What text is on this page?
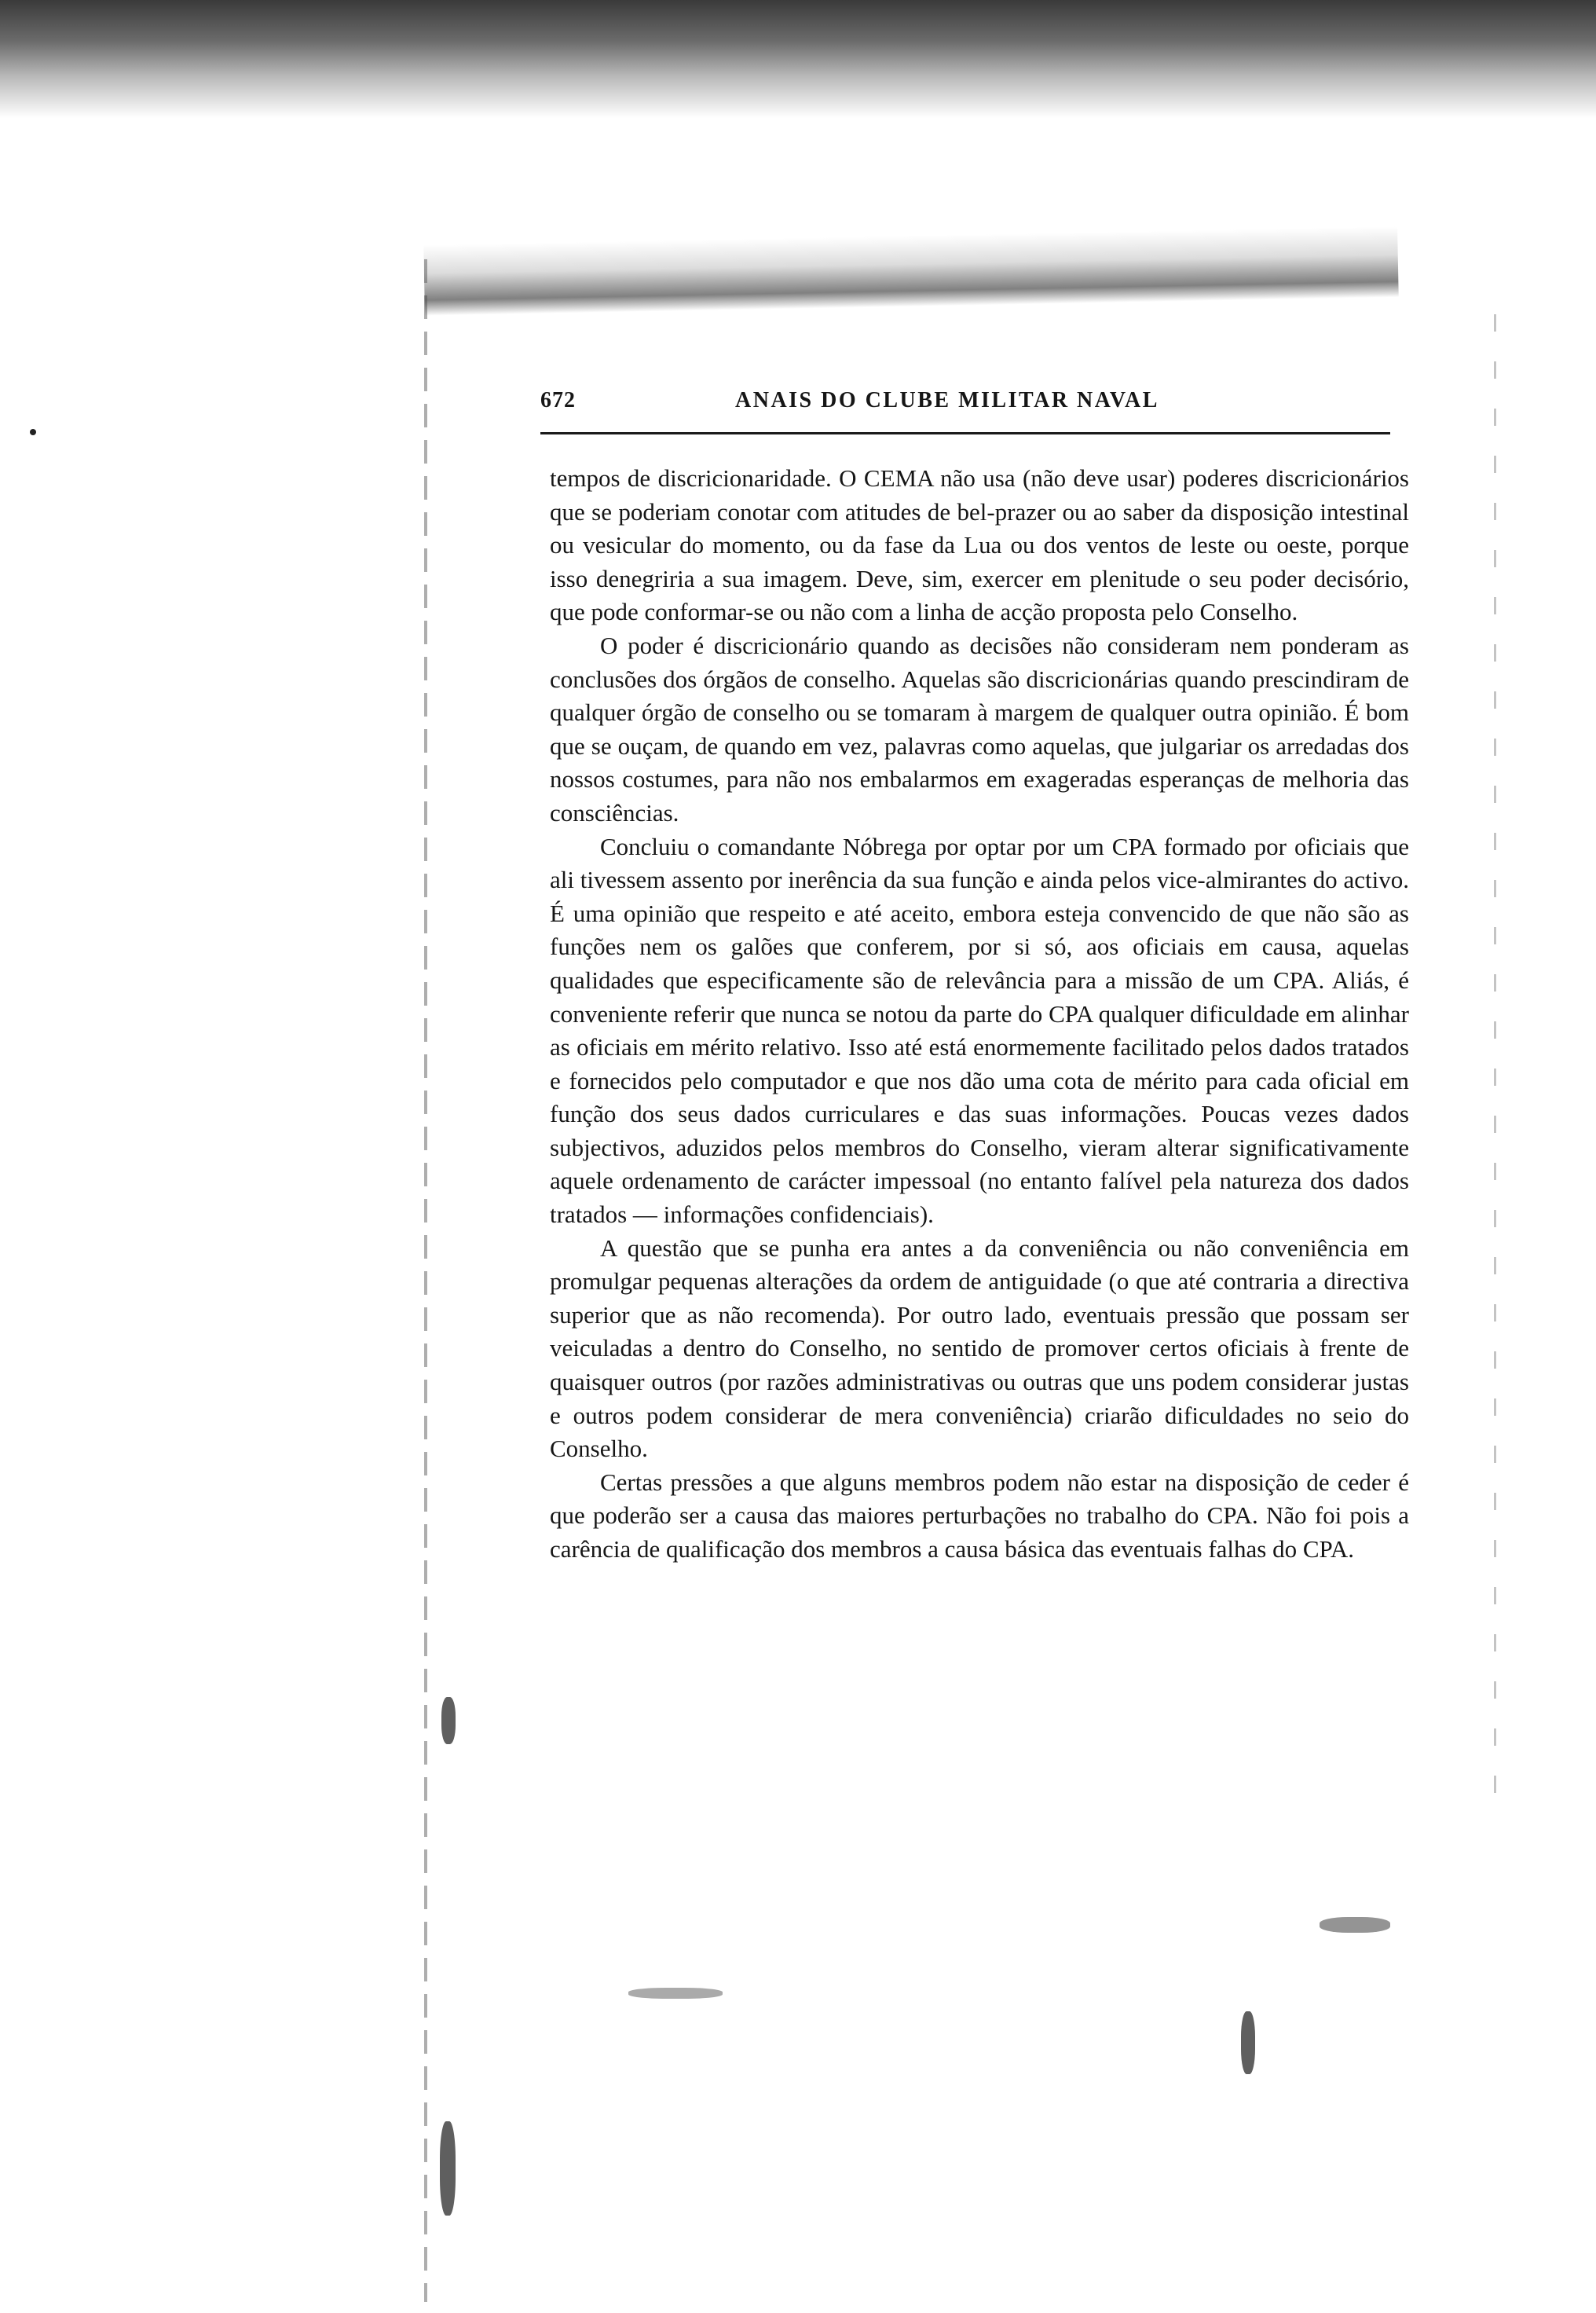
672	ANAIS DO CLUBE MILITAR NAVAL

tempos de discricionaridade. O CEMA não usa (não deve usar) poderes discricionários que se poderiam conotar com atitudes de bel-prazer ou ao saber da disposição intestinal ou vesicular do momento, ou da fase da Lua ou dos ventos de leste ou oeste, porque isso denegriria a sua imagem. Deve, sim, exercer em plenitude o seu poder decisório, que pode conformar-se ou não com a linha de acção proposta pelo Conselho.

O poder é discricionário quando as decisões não consideram nem ponderam as conclusões dos órgãos de conselho. Aquelas são discricionárias quando prescindiram de qualquer órgão de conselho ou se tomaram à margem de qualquer outra opinião. É bom que se ouçam, de quando em vez, palavras como aquelas, que julgariar os arredadas dos nossos costumes, para não nos embalarmos em exageradas esperanças de melhoria das consciências.

Concluiu o comandante Nóbrega por optar por um CPA formado por oficiais que ali tivessem assento por inerência da sua função e ainda pelos vice-almirantes do activo. É uma opinião que respeito e até aceito, embora esteja convencido de que não são as funções nem os galões que conferem, por si só, aos oficiais em causa, aquelas qualidades que especificamente são de relevância para a missão de um CPA. Aliás, é conveniente referir que nunca se notou da parte do CPA qualquer dificuldade em alinhar as oficiais em mérito relativo. Isso até está enormemente facilitado pelos dados tratados e fornecidos pelo computador e que nos dão uma cota de mérito para cada oficial em função dos seus dados curriculares e das suas informações. Poucas vezes dados subjectivos, aduzidos pelos membros do Conselho, vieram alterar significativamente aquele ordenamento de carácter impessoal (no entanto falível pela natureza dos dados tratados — informações confidenciais).

A questão que se punha era antes a da conveniência ou não conveniência em promulgar pequenas alterações da ordem de antiguidade (o que até contraria a directiva superior que as não recomenda). Por outro lado, eventuais pressão que possam ser veiculadas a dentro do Conselho, no sentido de promover certos oficiais à frente de quaisquer outros (por razões administrativas ou outras que uns podem considerar justas e outros podem considerar de mera conveniência) criarão dificuldades no seio do Conselho.

Certas pressões a que alguns membros podem não estar na disposição de ceder é que poderão ser a causa das maiores perturbações no trabalho do CPA. Não foi pois a carência de qualificação dos membros a causa básica das eventuais falhas do CPA.
